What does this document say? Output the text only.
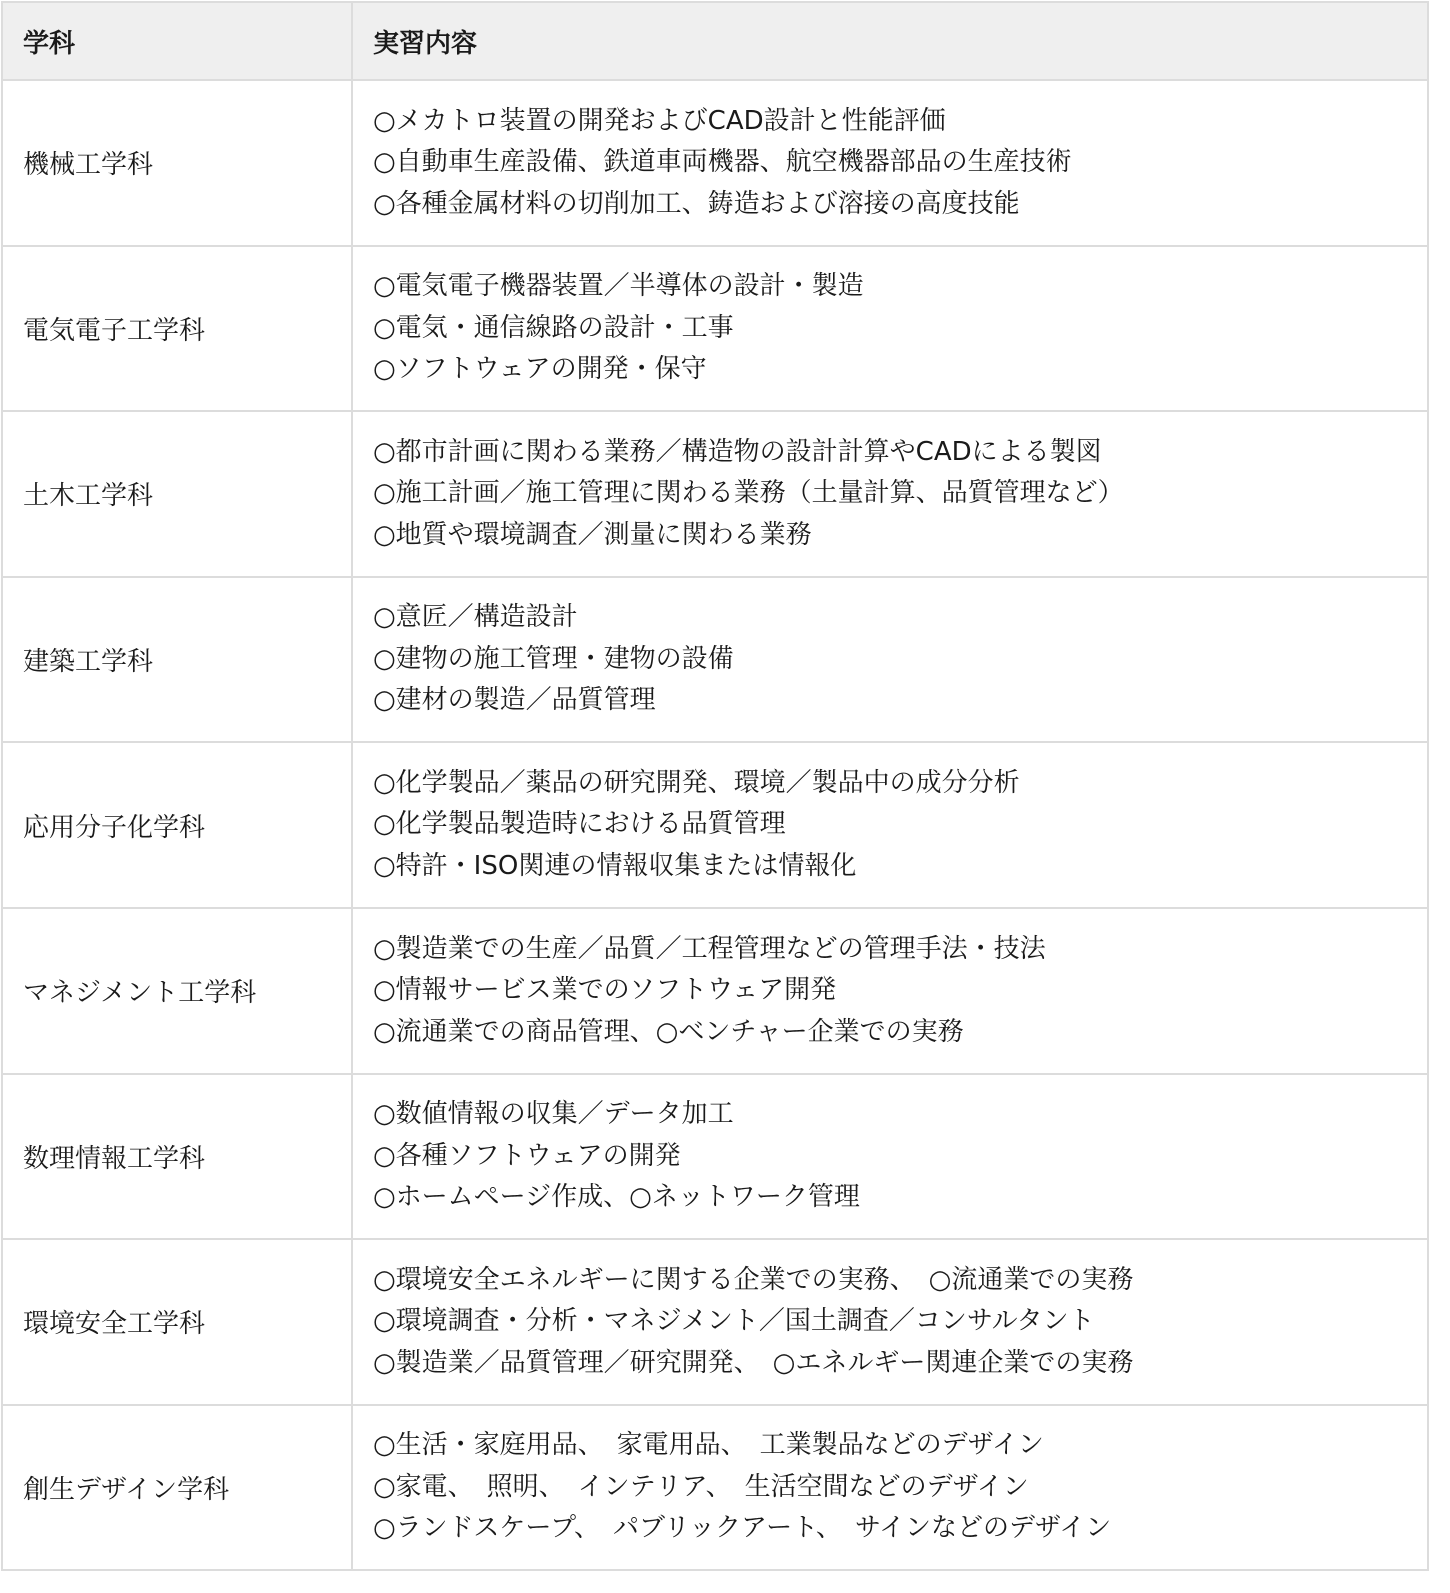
学科	実習内容
機械工学科	○メカトロ装置の開発およびCAD設計と性能評価
○自動車生産設備、鉄道車両機器、航空機器部品の生産技術
○各種金属材料の切削加工、鋳造および溶接の高度技能

電気電子工学科	○電気電子機器装置／半導体の設計・製造
○電気・通信線路の設計・工事
○ソフトウェアの開発・保守

土木工学科	○都市計画に関わる業務／構造物の設計計算やCADによる製図
○施工計画／施工管理に関わる業務（土量計算、品質管理など）
○地質や環境調査／測量に関わる業務

建築工学科	○意匠／構造設計
○建物の施工管理・建物の設備
○建材の製造／品質管理

応用分子化学科	○化学製品／薬品の研究開発、環境／製品中の成分分析
○化学製品製造時における品質管理
○特許・ISO関連の情報収集または情報化

マネジメント工学科	○製造業での生産／品質／工程管理などの管理手法・技法
○情報サービス業でのソフトウェア開発
○流通業での商品管理、○ベンチャー企業での実務

数理情報工学科	○数値情報の収集／データ加工
○各種ソフトウェアの開発
○ホームページ作成、○ネットワーク管理

環境安全工学科	○環境安全エネルギーに関する企業での実務、　○流通業での実務
○環境調査・分析・マネジメント／国土調査／コンサルタント
○製造業／品質管理／研究開発、　○エネルギー関連企業での実務

創生デザイン学科	○生活・家庭用品、　家電用品、　工業製品などのデザイン
○家電、　照明、　インテリア、　生活空間などのデザイン
○ランドスケープ、　パブリックアート、　サインなどのデザイン
